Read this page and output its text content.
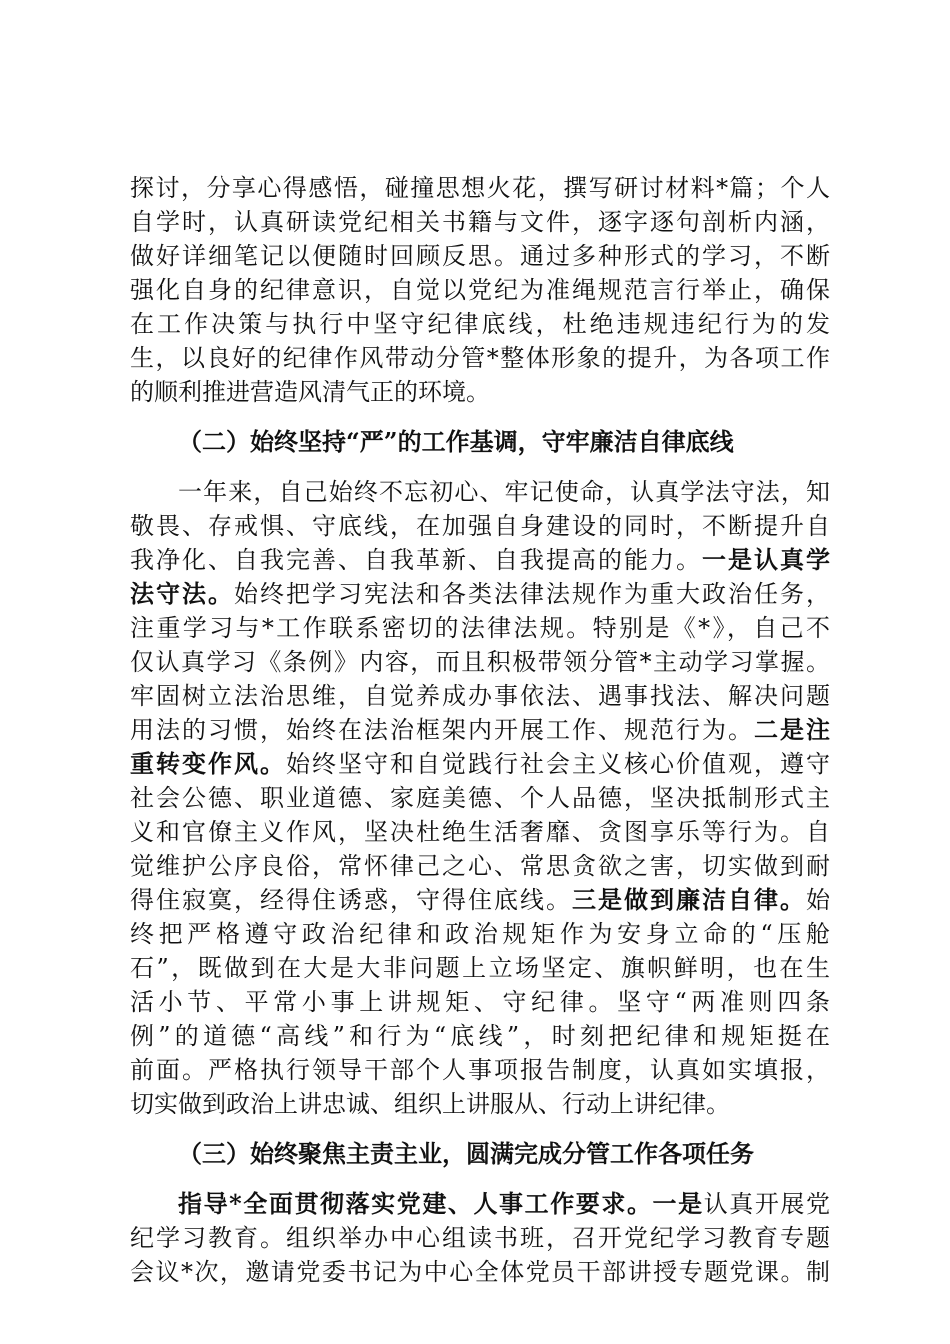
探讨，分享心得感悟，碰撞思想火花，撰写研讨材料*篇；个人
自学时，认真研读党纪相关书籍与文件，逐字逐句剖析内涵，
做好详细笔记以便随时回顾反思。通过多种形式的学习，不断
强化自身的纪律意识，自觉以党纪为准绳规范言行举止，确保
在工作决策与执行中坚守纪律底线，杜绝违规违纪行为的发
生，以良好的纪律作风带动分管*整体形象的提升，为各项工作
的顺利推进营造风清气正的环境。
（二）始终坚持“严”的工作基调，守牢廉洁自律底线
一年来，自己始终不忘初心、牢记使命，认真学法守法，知
敬畏、存戒惧、守底线，在加强自身建设的同时，不断提升自
我净化、自我完善、自我革新、自我提高的能力。一是认真学
法守法。始终把学习宪法和各类法律法规作为重大政治任务，
注重学习与*工作联系密切的法律法规。特别是《*》，自己不
仅认真学习《条例》内容，而且积极带领分管*主动学习掌握。
牢固树立法治思维，自觉养成办事依法、遇事找法、解决问题
用法的习惯，始终在法治框架内开展工作、规范行为。二是注
重转变作风。始终坚守和自觉践行社会主义核心价值观，遵守
社会公德、职业道德、家庭美德、个人品德，坚决抵制形式主
义和官僚主义作风，坚决杜绝生活奢靡、贪图享乐等行为。自
觉维护公序良俗，常怀律己之心、常思贪欲之害，切实做到耐
得住寂寞，经得住诱惑，守得住底线。三是做到廉洁自律。始
终把严格遵守政治纪律和政治规矩作为安身立命的“压舱
石”，既做到在大是大非问题上立场坚定、旗帜鲜明，也在生
活小节、平常小事上讲规矩、守纪律。坚守“两准则四条
例”的道德“高线”和行为“底线”，时刻把纪律和规矩挺在
前面。严格执行领导干部个人事项报告制度，认真如实填报，
切实做到政治上讲忠诚、组织上讲服从、行动上讲纪律。
（三）始终聚焦主责主业，圆满完成分管工作各项任务
指导*全面贯彻落实党建、人事工作要求。一是认真开展党
纪学习教育。组织举办中心组读书班，召开党纪学习教育专题
会议*次，邀请党委书记为中心全体党员干部讲授专题党课。制
